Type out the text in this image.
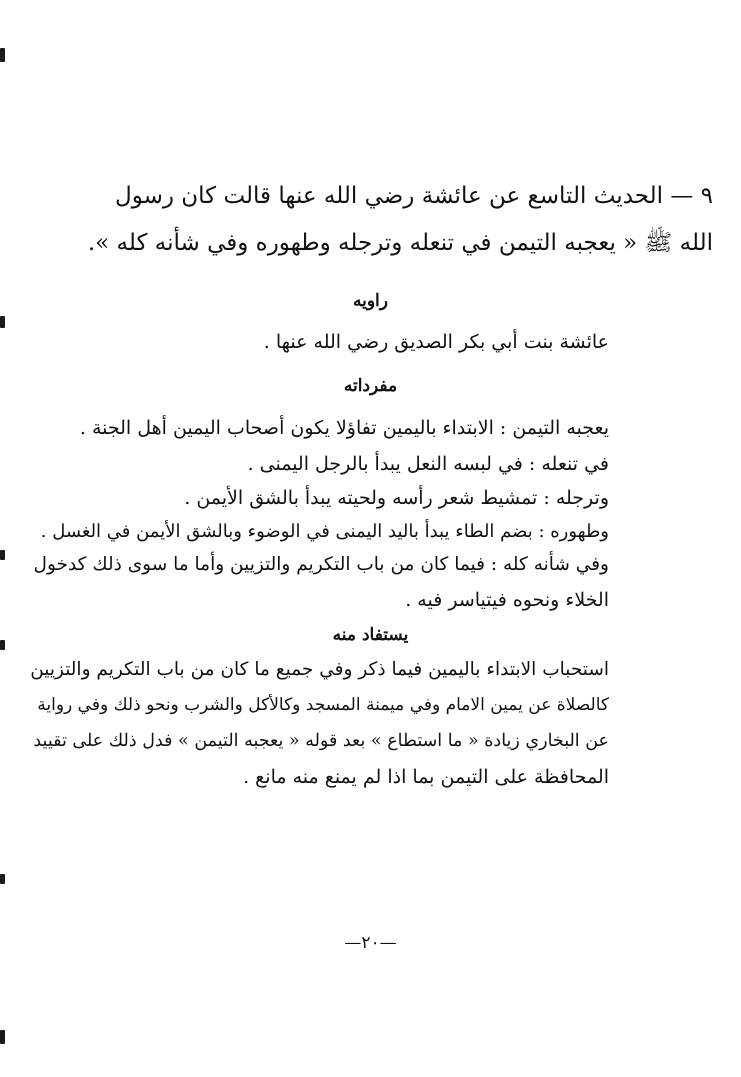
٩ — الحديث التاسع عن عائشة رضي الله عنها قالت كان رسول
الله ﷺ « يعجبه التيمن في تنعله وترجله وطهوره وفي شأنه كله ».
راويه
عائشة بنت أبي بكر الصديق رضي الله عنها .
مفرداته
يعجبه التيمن : الابتداء باليمين تفاؤلا يكون أصحاب اليمين أهل الجنة .
في تنعله : في لبسه النعل يبدأ بالرجل اليمنى .
وترجله : تمشيط شعر رأسه ولحيته يبدأ بالشق الأيمن .
وطهوره : بضم الطاء يبدأ باليد اليمنى في الوضوء وبالشق الأيمن في الغسل .
وفي شأنه كله : فيما كان من باب التكريم والتزيين وأما ما سوى ذلك كدخول
الخلاء ونحوه فيتياسر فيه .
يستفاد منه
استحباب الابتداء باليمين فيما ذكر وفي جميع ما كان من باب التكريم والتزيين
كالصلاة عن يمين الامام وفي ميمنة المسجد وكالأكل والشرب ونحو ذلك وفي رواية
عن البخاري زيادة « ما استطاع » بعد قوله « يعجبه التيمن » فدل ذلك على تقييد
المحافظة على التيمن بما اذا لم يمنع منه مانع .
—٢٠—
